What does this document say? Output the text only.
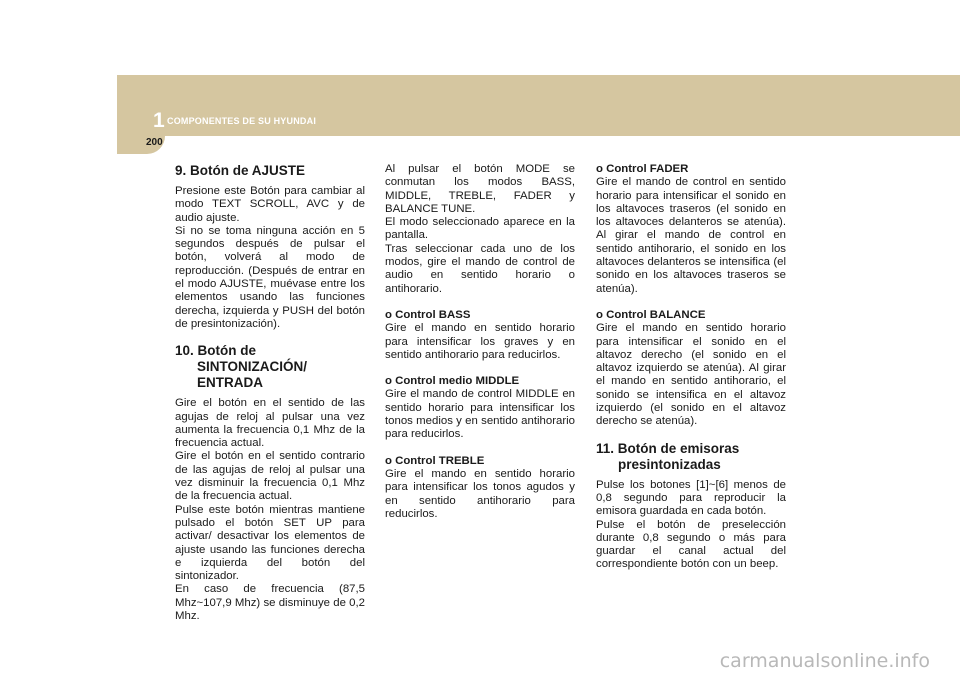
1 COMPONENTES DE SU HYUNDAI
200
9. Botón de AJUSTE

Presione este Botón para cambiar al modo TEXT SCROLL, AVC y de audio ajuste.

Si no se toma ninguna acción en 5 segundos después de pulsar el botón, volverá al modo de reproducción. (Después de entrar en el modo AJUSTE, muévase entre los elementos usando las funciones derecha, izquierda y PUSH del botón de presintonización).

10. Botón de SINTONIZACIÓN/ ENTRADA

Gire el botón en el sentido de las agujas de reloj al pulsar una vez aumenta la frecuencia 0,1 Mhz de la frecuencia actual.

Gire el botón en el sentido contrario de las agujas de reloj al pulsar una vez disminuir la frecuencia 0,1 Mhz de la frecuencia actual.

Pulse este botón mientras mantiene pulsado el botón SET UP para activar/ desactivar los elementos de ajuste usando las funciones derecha e izquierda del botón del sintonizador.

En caso de frecuencia (87,5 Mhz~107,9 Mhz) se disminuye de 0,2 Mhz.

Al pulsar el botón MODE se conmutan los modos BASS, MIDDLE, TREBLE, FADER y BALANCE TUNE.

El modo seleccionado aparece en la pantalla.

Tras seleccionar cada uno de los modos, gire el mando de control de audio en sentido horario o antihorario.

o Control BASS

Gire el mando en sentido horario para intensificar los graves y en sentido antihorario para reducirlos.

o Control medio MIDDLE

Gire el mando de control MIDDLE en sentido horario para intensificar los tonos medios y en sentido antihorario para reducirlos.

o Control TREBLE

Gire el mando en sentido horario para intensificar los tonos agudos y en sentido antihorario para reducirlos.

o Control FADER

Gire el mando de control en sentido horario para intensificar el sonido en los altavoces traseros (el sonido en los altavoces delanteros se atenúa). Al girar el mando de control en sentido antihorario, el sonido en los altavoces delanteros se intensifica (el sonido en los altavoces traseros se atenúa).

o Control BALANCE

Gire el mando en sentido horario para intensificar el sonido en el altavoz derecho (el sonido en el altavoz izquierdo se atenúa). Al girar el mando en sentido antihorario, el sonido se intensifica en el altavoz izquierdo (el sonido en el altavoz derecho se atenúa).

11. Botón de emisoras presintonizadas

Pulse los botones [1]~[6] menos de 0,8 segundo para reproducir la emisora guardada en cada botón.

Pulse el botón de preselección durante 0,8 segundo o más para guardar el canal actual del correspondiente botón con un beep.

carmanualsonline.info
